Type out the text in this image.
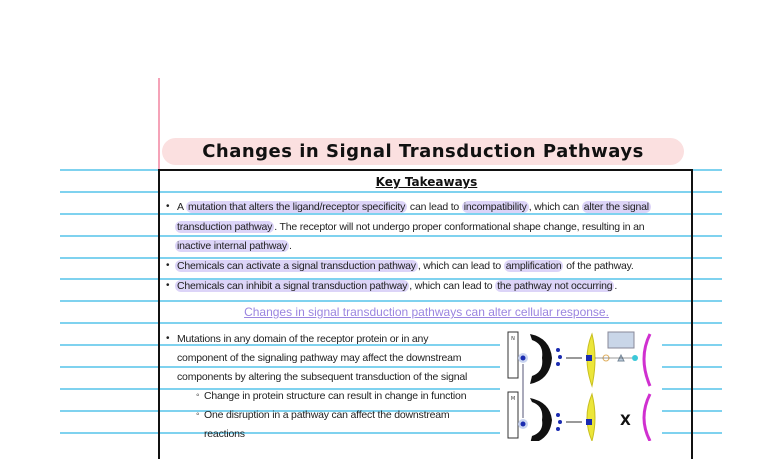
Changes in Signal Transduction Pathways
Key Takeaways
• A mutation that alters the ligand/receptor specificity can lead to incompatibility , which can alter the signal
transduction pathway . The receptor will not undergo proper conformational shape change, resulting in an
inactive internal pathway .
• Chemicals can activate a signal transduction pathway , which can lead to amplification of the pathway.
• Chemicals can inhibit a signal transduction pathway , which can lead to the pathway not occurring .
Changes in signal transduction pathways can alter cellular response.
• Mutations in any domain of the receptor protein or in any
component of the signaling pathway may affect the downstream
components by altering the subsequent transduction of the signal
◦ Change in protein structure can result in change in function
◦ One disruption in a pathway can affect the downstream
reactions
N
M
X
